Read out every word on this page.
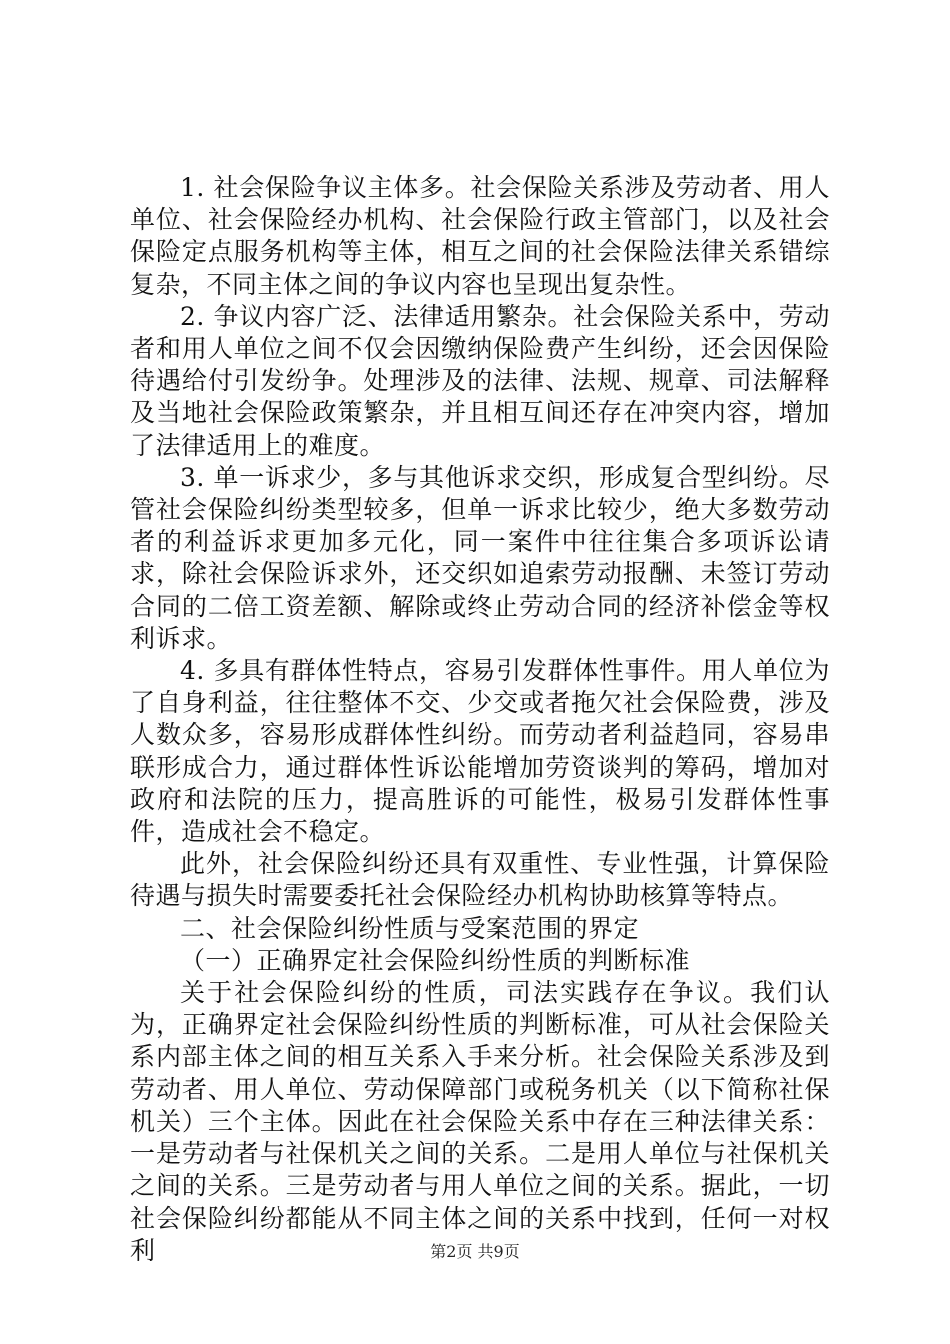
1. 社会保险争议主体多。社会保险关系涉及劳动者、用人单位、社会保险经办机构、社会保险行政主管部门，以及社会保险定点服务机构等主体，相互之间的社会保险法律关系错综复杂，不同主体之间的争议内容也呈现出复杂性。

2. 争议内容广泛、法律适用繁杂。社会保险关系中，劳动者和用人单位之间不仅会因缴纳保险费产生纠纷，还会因保险待遇给付引发纷争。处理涉及的法律、法规、规章、司法解释及当地社会保险政策繁杂，并且相互间还存在冲突内容，增加了法律适用上的难度。

3. 单一诉求少，多与其他诉求交织，形成复合型纠纷。尽管社会保险纠纷类型较多，但单一诉求比较少，绝大多数劳动者的利益诉求更加多元化，同一案件中往往集合多项诉讼请求，除社会保险诉求外，还交织如追索劳动报酬、未签订劳动合同的二倍工资差额、解除或终止劳动合同的经济补偿金等权利诉求。

4. 多具有群体性特点，容易引发群体性事件。用人单位为了自身利益，往往整体不交、少交或者拖欠社会保险费，涉及人数众多，容易形成群体性纠纷。而劳动者利益趋同，容易串联形成合力，通过群体性诉讼能增加劳资谈判的筹码，增加对政府和法院的压力，提高胜诉的可能性，极易引发群体性事件，造成社会不稳定。

此外，社会保险纠纷还具有双重性、专业性强，计算保险待遇与损失时需要委托社会保险经办机构协助核算等特点。

二、社会保险纠纷性质与受案范围的界定

（一）正确界定社会保险纠纷性质的判断标准

关于社会保险纠纷的性质，司法实践存在争议。我们认为，正确界定社会保险纠纷性质的判断标准，可从社会保险关系内部主体之间的相互关系入手来分析。社会保险关系涉及到劳动者、用人单位、劳动保障部门或税务机关（以下简称社保机关）三个主体。因此在社会保险关系中存在三种法律关系：一是劳动者与社保机关之间的关系。二是用人单位与社保机关之间的关系。三是劳动者与用人单位之间的关系。据此，一切社会保险纠纷都能从不同主体之间的关系中找到，任何一对权利	第2页 共9页
